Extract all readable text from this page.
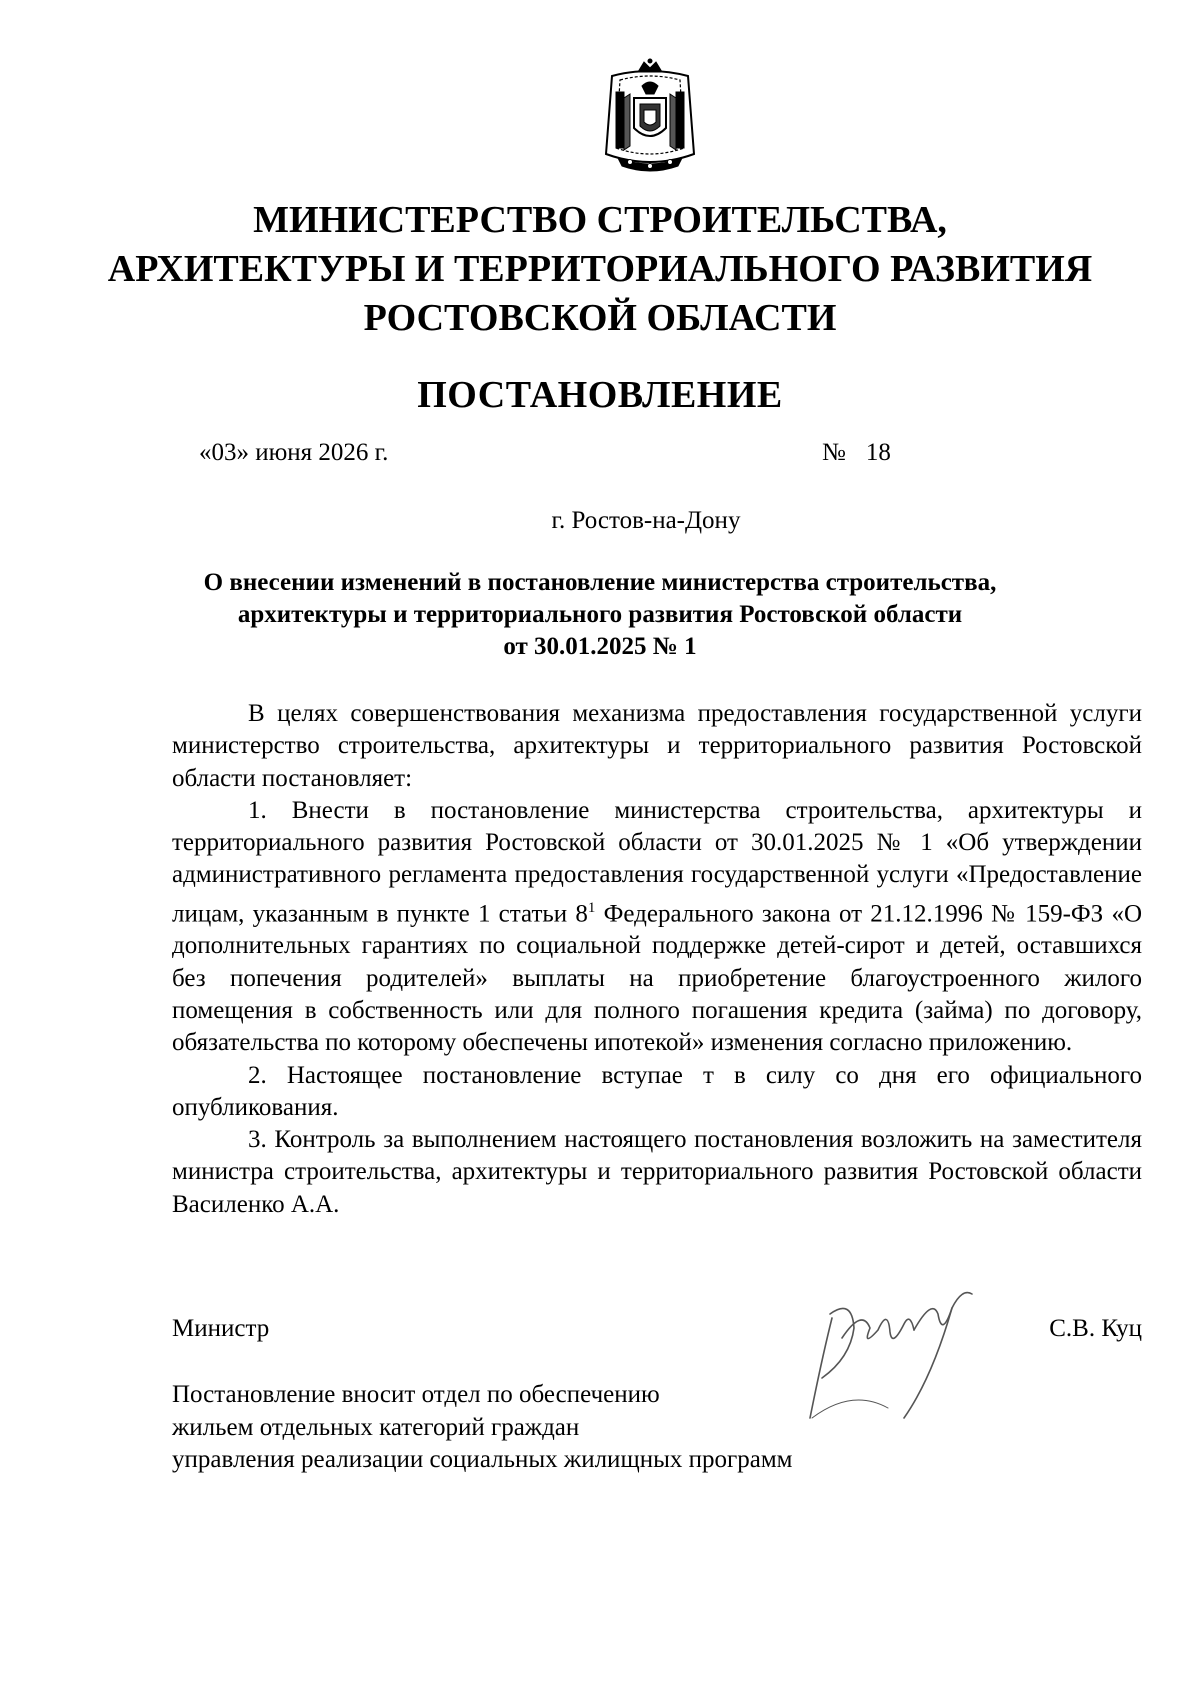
МИНИСТЕРСТВО СТРОИТЕЛЬСТВА,
АРХИТЕКТУРЫ И ТЕРРИТОРИАЛЬНОГО РАЗВИТИЯ
РОСТОВСКОЙ ОБЛАСТИ
ПОСТАНОВЛЕНИЕ
«03» июня 2026 г.	№ 18
г. Ростов-на-Дону
О внесении изменений в постановление министерства строительства,
архитектуры и территориального развития Ростовской области
от 30.01.2025 № 1

В целях совершенствования механизма предоставления государственной услуги министерство строительства, архитектуры и территориального развития Ростовской области постановляет:

1. Внести в постановление министерства строительства, архитектуры и территориального развития Ростовской области от 30.01.2025 № 1 «Об утверждении административного регламента предоставления государственной услуги «Предоставление лицам, указанным в пункте 1 статьи $8^1$ Федерального закона от 21.12.1996 № 159-ФЗ «О дополнительных гарантиях по социальной поддержке детей-сирот и детей, оставшихся без попечения родителей» выплаты на приобретение благоустроенного жилого помещения в собственность или для полного погашения кредита (займа) по договору, обязательства по которому обеспечены ипотекой» изменения согласно приложению.

2. Настоящее постановление вступае т в силу со дня его официального опубликования.

3. Контроль за выполнением настоящего постановления возложить на заместителя министра строительства, архитектуры и территориального развития Ростовской области Василенко А.А.

Министр	С.В. Куц
Постановление вносит отдел по обеспечению
жильем отдельных категорий граждан
управления реализации социальных жилищных программ
